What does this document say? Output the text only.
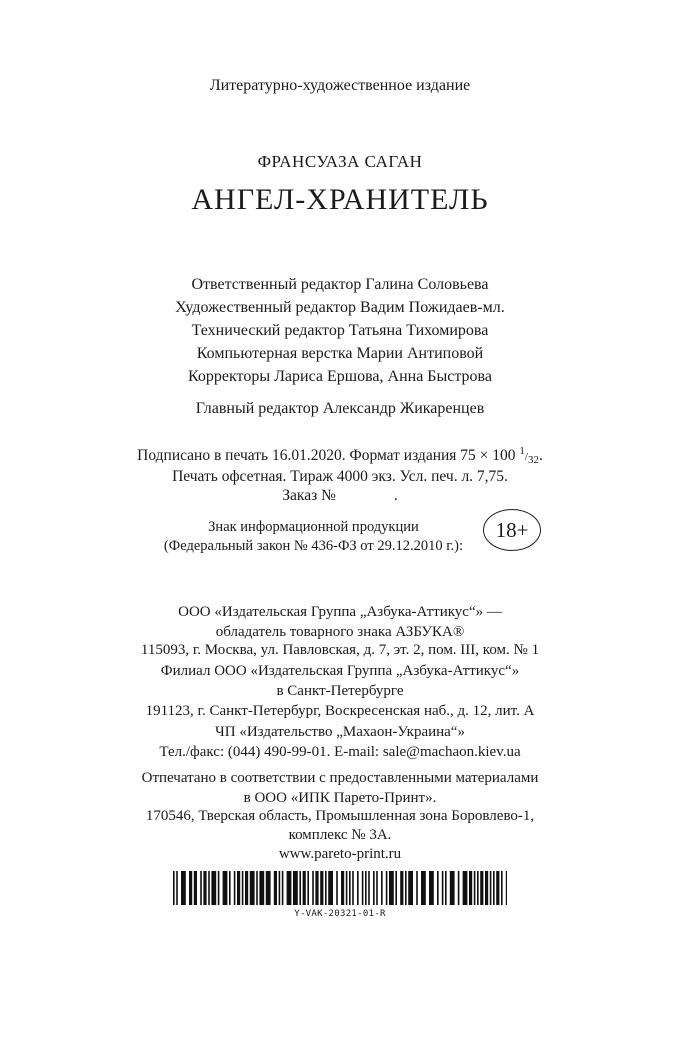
Литературно-художественное издание
ФРАНСУАЗА САГАН
АНГЕЛ-ХРАНИТЕЛЬ
Ответственный редактор Галина Соловьева
Художественный редактор Вадим Пожидаев-мл.
Технический редактор Татьяна Тихомирова
Компьютерная верстка Марии Антиповой
Корректоры Лариса Ершова, Анна Быстрова
Главный редактор Александр Жикаренцев
Подписано в печать 16.01.2020. Формат издания 75 × 100 1/32.
Печать офсетная. Тираж 4000 экз. Усл. печ. л. 7,75.
Заказ №	.
Знак информационной продукции
(Федеральный закон № 436-ФЗ от 29.12.2010 г.):
18+
ООО «Издательская Группа „Азбука-Аттикус“» —
обладатель товарного знака АЗБУКА®
115093, г. Москва, ул. Павловская, д. 7, эт. 2, пом. III, ком. № 1
Филиал ООО «Издательская Группа „Азбука-Аттикус“»
в Санкт-Петербурге
191123, г. Санкт-Петербург, Воскресенская наб., д. 12, лит. А
ЧП «Издательство „Махаон-Украина“»
Тел./факс: (044) 490-99-01. E-mail: sale@machaon.kiev.ua
Отпечатано в соответствии с предоставленными материалами
в ООО «ИПК Парето-Принт».
170546, Тверская область, Промышленная зона Боровлево-1,
комплекс № 3А.
www.pareto-print.ru
Y-VAK-20321-01-R
